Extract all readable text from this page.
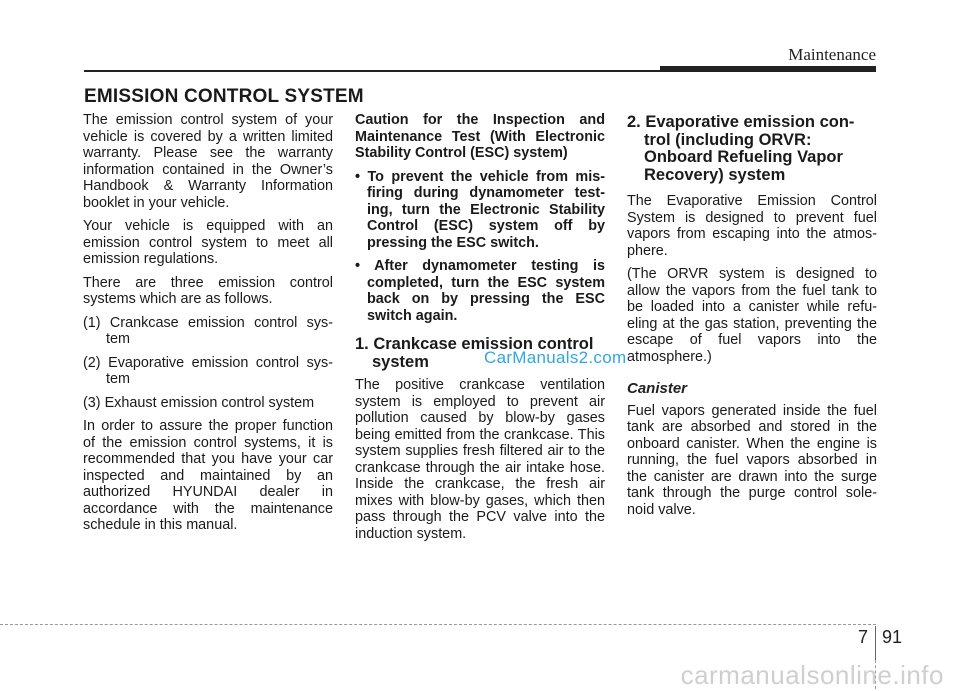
Maintenance
EMISSION CONTROL SYSTEM

The emission control system of your vehicle is covered by a written limited warranty. Please see the warranty information contained in the Owner’s Handbook & Warranty Information booklet in your vehicle.

Your vehicle is equipped with an emission control system to meet all emission regulations.

There are three emission control systems which are as follows.

(1) Crankcase emission control sys-tem

(2) Evaporative emission control sys-tem

(3) Exhaust emission control system

In order to assure the proper function of the emission control systems, it is recommended that you have your car inspected and maintained by an authorized HYUNDAI dealer in accordance with the maintenance schedule in this manual.

Caution for the Inspection and Maintenance Test (With Electronic Stability Control (ESC) system)

• To prevent the vehicle from mis-firing during dynamometer test-ing, turn the Electronic Stability Control (ESC) system off by pressing the ESC switch.

• After dynamometer testing is completed, turn the ESC system back on by pressing the ESC switch again.

1. Crankcase emission control system

The positive crankcase ventilation system is employed to prevent air pollution caused by blow-by gases being emitted from the crankcase. This system supplies fresh filtered air to the crankcase through the air intake hose. Inside the crankcase, the fresh air mixes with blow-by gases, which then pass through the PCV valve into the induction system.

2. Evaporative emission con-trol (including ORVR: Onboard Refueling Vapor Recovery) system

The Evaporative Emission Control System is designed to prevent fuel vapors from escaping into the atmos-phere.

(The ORVR system is designed to allow the vapors from the fuel tank to be loaded into a canister while refu-eling at the gas station, preventing the escape of fuel vapors into the atmosphere.)

Canister

Fuel vapors generated inside the fuel tank are absorbed and stored in the onboard canister. When the engine is running, the fuel vapors absorbed in the canister are drawn into the surge tank through the purge control sole-noid valve.

CarManuals2.com
7 91
carmanualsonline.info
